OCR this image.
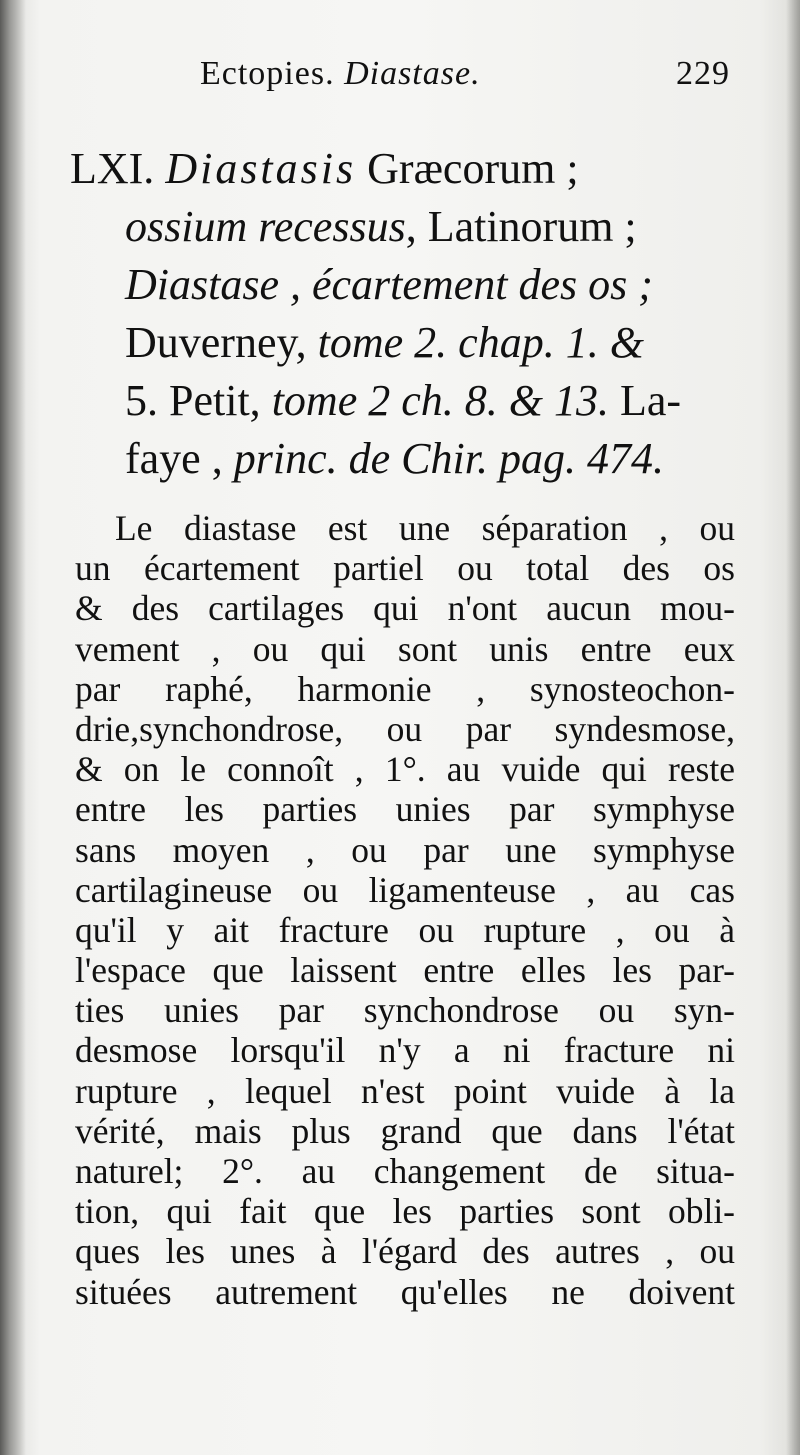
Ectopies. Diastase.	229
LXI. Diastasis Græcorum ;
ossium recessus, Latinorum ;
Diastase , écartement des os ;
Duverney, tome 2. chap. 1. &
5. Petit, tome 2 ch. 8. & 13. La-
faye , princ. de Chir. pag. 474.
Le diastase est une séparation , ou
un écartement partiel ou total des os
& des cartilages qui n'ont aucun mou-
vement , ou qui sont unis entre eux
par raphé, harmonie , synosteochon-
drie,synchondrose, ou par syndesmose,
& on le connoît , 1°. au vuide qui reste
entre les parties unies par symphyse
sans moyen , ou par une symphyse
cartilagineuse ou ligamenteuse , au cas
qu'il y ait fracture ou rupture , ou à
l'espace que laissent entre elles les par-
ties unies par synchondrose ou syn-
desmose lorsqu'il n'y a ni fracture ni
rupture , lequel n'est point vuide à la
vérité, mais plus grand que dans l'état
naturel; 2°. au changement de situa-
tion, qui fait que les parties sont obli-
ques les unes à l'égard des autres , ou
situées autrement qu'elles ne doivent
